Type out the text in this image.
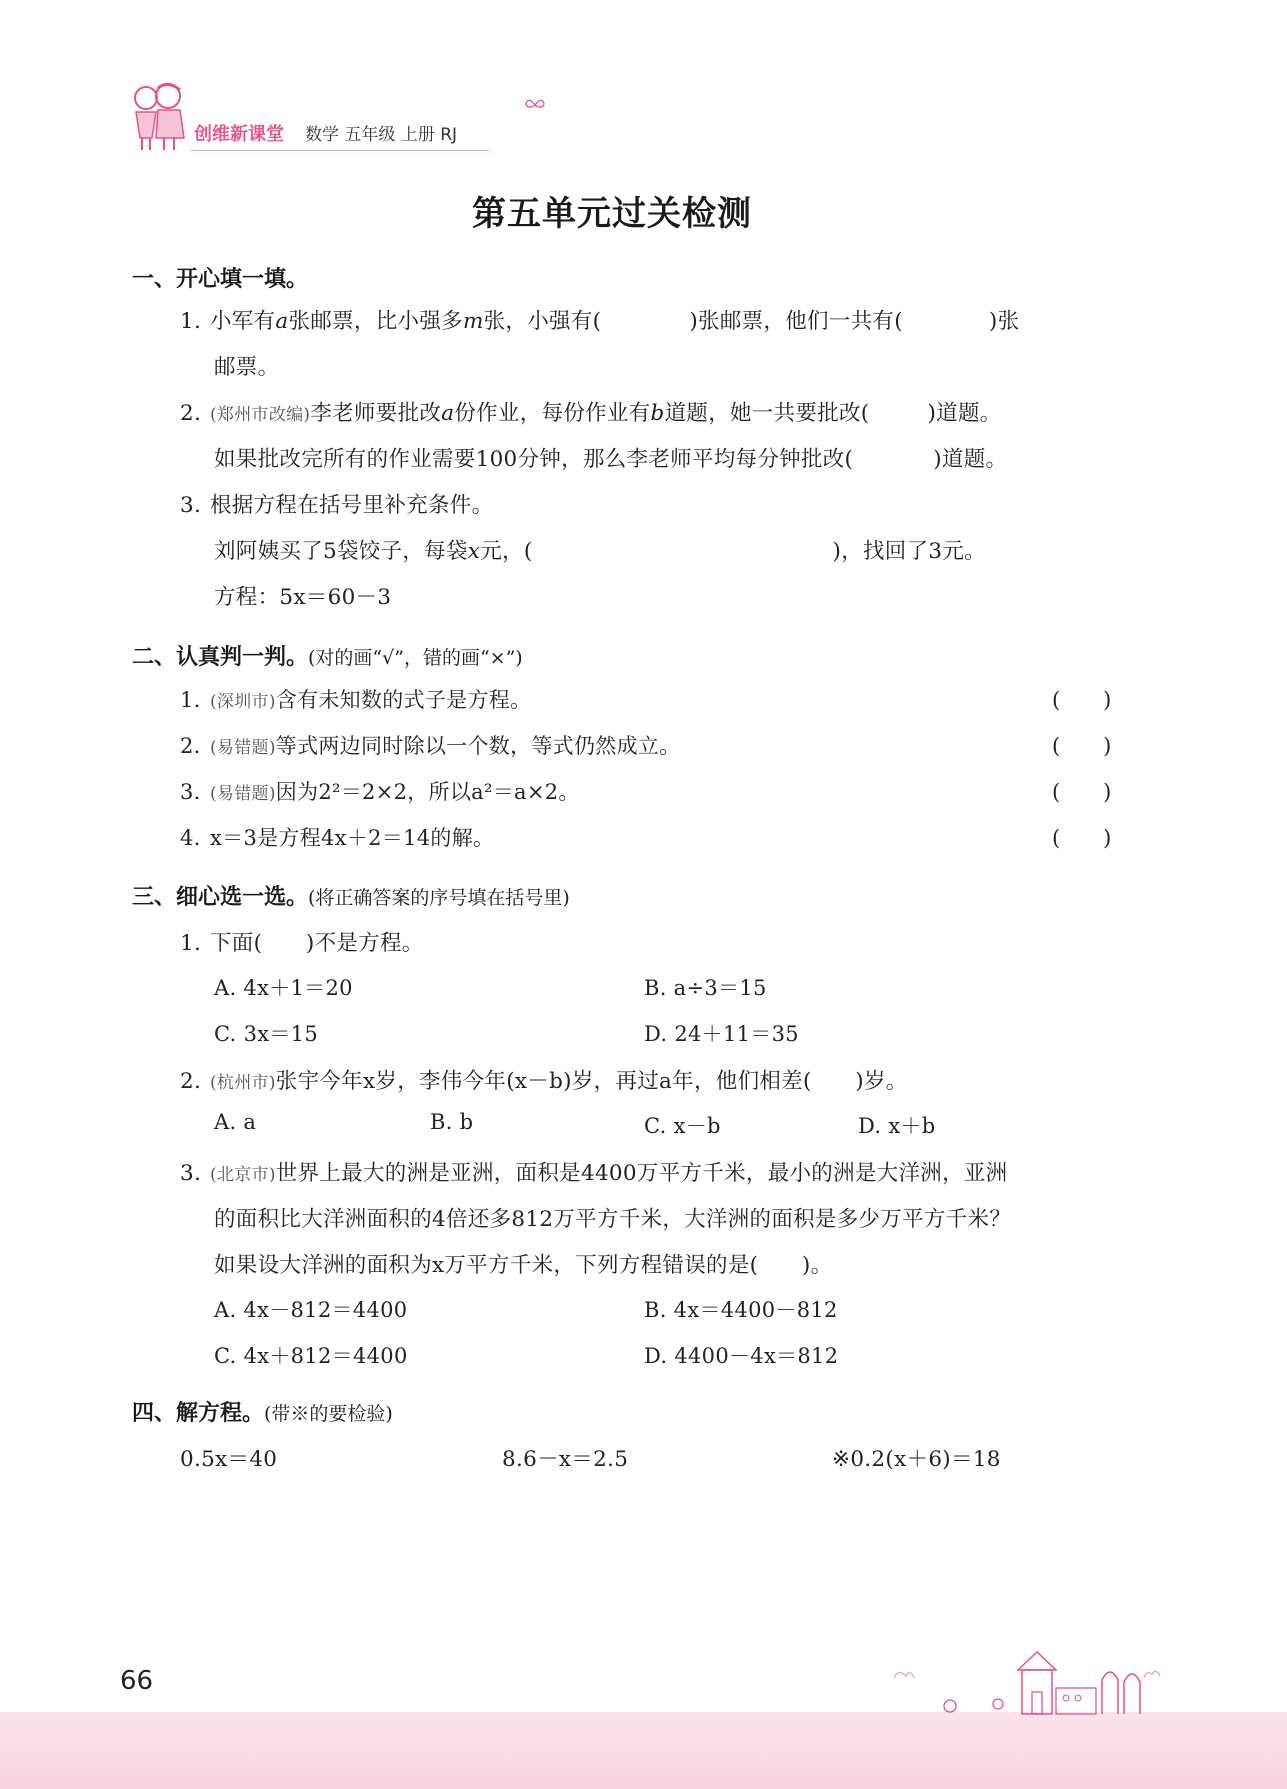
创维新课堂 数学 五年级 上册 RJ
第五单元过关检测
一、开心填一填。
1. 小军有a张邮票，比小强多m张，小强有(	)张邮票，他们一共有(	)张
邮票。
2. (郑州市改编)李老师要批改a份作业，每份作业有b道题，她一共要批改(	)道题。
如果批改完所有的作业需要100分钟，那么李老师平均每分钟批改(	)道题。
3. 根据方程在括号里补充条件。
刘阿姨买了5袋饺子，每袋x元，(	)，找回了3元。
方程：5x＝60－3
二、认真判一判。(对的画“√”，错的画“×”)
1. (深圳市)含有未知数的式子是方程。	(　　)
2. (易错题)等式两边同时除以一个数，等式仍然成立。	(　　)
3. (易错题)因为2²＝2×2，所以a²＝a×2。	(　　)
4. x＝3是方程4x＋2＝14的解。	(　　)
三、细心选一选。(将正确答案的序号填在括号里)
1. 下面(　　)不是方程。
A. 4x＋1＝20	B. a÷3＝15
C. 3x＝15	D. 24＋11＝35
2. (杭州市)张宇今年x岁，李伟今年(x－b)岁，再过a年，他们相差(　　)岁。
A. a	B. b	C. x－b	D. x＋b
3. (北京市)世界上最大的洲是亚洲，面积是4400万平方千米，最小的洲是大洋洲，亚洲
的面积比大洋洲面积的4倍还多812万平方千米，大洋洲的面积是多少万平方千米？
如果设大洋洲的面积为x万平方千米，下列方程错误的是(　　)。
A. 4x－812＝4400	B. 4x＝4400－812
C. 4x＋812＝4400	D. 4400－4x＝812
四、解方程。(带※的要检验)
0.5x＝40	8.6－x＝2.5	※0.2(x＋6)＝18
66
